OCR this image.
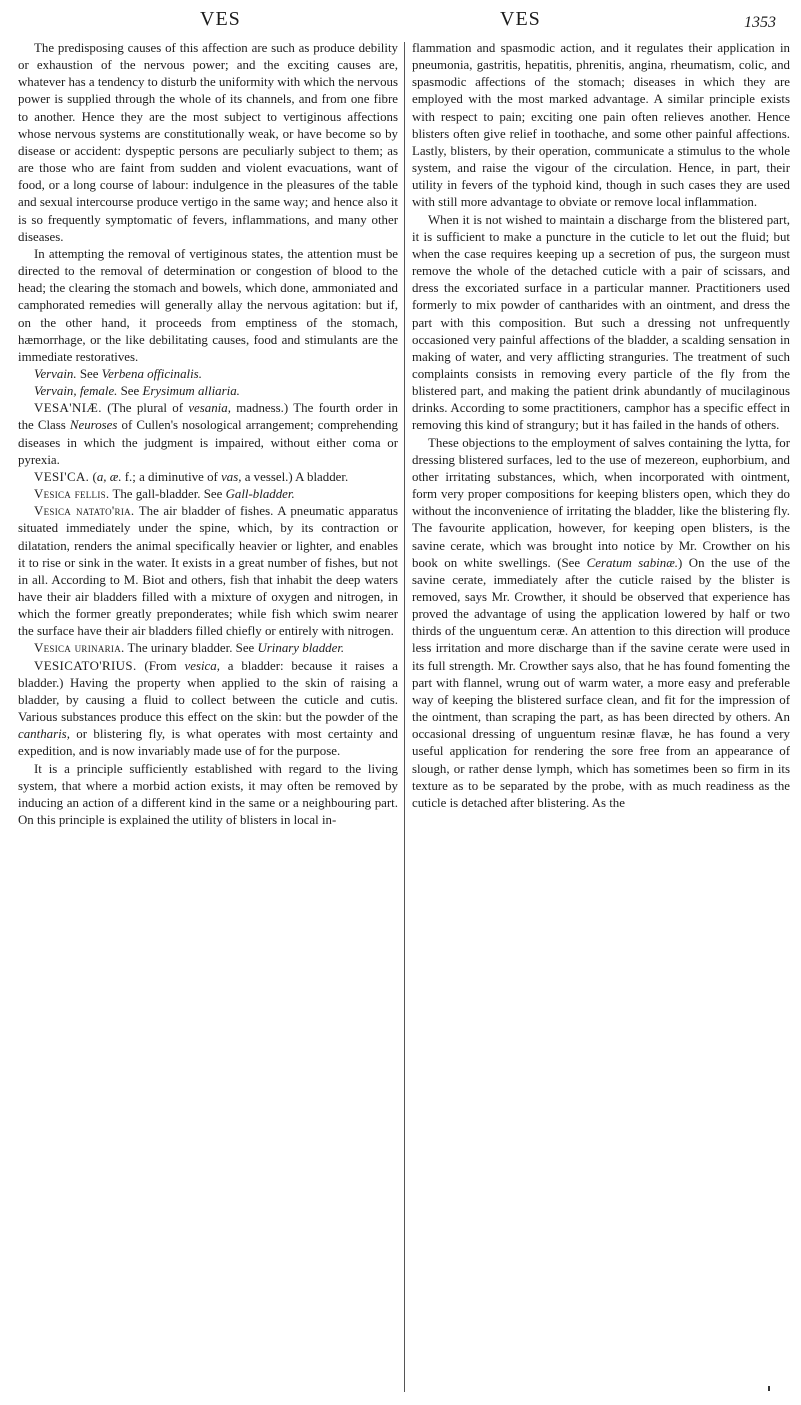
VES	VES	1353

The predisposing causes of this affection are such as produce debility or exhaustion of the nervous power; and the exciting causes are, whatever has a tendency to disturb the uniformity with which the nervous power is supplied through the whole of its channels, and from one fibre to another. Hence they are the most subject to vertiginous affections whose nervous systems are constitutionally weak, or have become so by disease or accident: dyspeptic persons are peculiarly subject to them; as are those who are faint from sudden and violent evacuations, want of food, or a long course of labour: indulgence in the pleasures of the table and sexual intercourse produce vertigo in the same way; and hence also it is so frequently symptomatic of fevers, inflammations, and many other diseases.

In attempting the removal of vertiginous states, the attention must be directed to the removal of determination or congestion of blood to the head; the clearing the stomach and bowels, which done, ammoniated and camphorated remedies will generally allay the nervous agitation: but if, on the other hand, it proceeds from emptiness of the stomach, hæmorrhage, or the like debilitating causes, food and stimulants are the immediate restoratives.

Vervain. See Verbena officinalis.

Vervain, female. See Erysimum alliaria.

VESA'NIÆ. (The plural of vesania, madness.) The fourth order in the Class Neuroses of Cullen's nosological arrangement; comprehending diseases in which the judgment is impaired, without either coma or pyrexia.

VESI'CA. (a, æ. f.; a diminutive of vas, a vessel.) A bladder.

Vesica fellis. The gall-bladder. See Gall-bladder.

Vesica natato'ria. The air bladder of fishes. A pneumatic apparatus situated immediately under the spine, which, by its contraction or dilatation, renders the animal specifically heavier or lighter, and enables it to rise or sink in the water. It exists in a great number of fishes, but not in all. According to M. Biot and others, fish that inhabit the deep waters have their air bladders filled with a mixture of oxygen and nitrogen, in which the former greatly preponderates; while fish which swim nearer the surface have their air bladders filled chiefly or entirely with nitrogen.

Vesica urinaria. The urinary bladder. See Urinary bladder.

VESICATO'RIUS. (From vesica, a bladder: because it raises a bladder.) Having the property when applied to the skin of raising a bladder, by causing a fluid to collect between the cuticle and cutis. Various substances produce this effect on the skin: but the powder of the cantharis, or blistering fly, is what operates with most certainty and expedition, and is now invariably made use of for the purpose.

It is a principle sufficiently established with regard to the living system, that where a morbid action exists, it may often be removed by inducing an action of a different kind in the same or a neighbouring part. On this principle is explained the utility of blisters in local in-

flammation and spasmodic action, and it regulates their application in pneumonia, gastritis, hepatitis, phrenitis, angina, rheumatism, colic, and spasmodic affections of the stomach; diseases in which they are employed with the most marked advantage. A similar principle exists with respect to pain; exciting one pain often relieves another. Hence blisters often give relief in toothache, and some other painful affections. Lastly, blisters, by their operation, communicate a stimulus to the whole system, and raise the vigour of the circulation. Hence, in part, their utility in fevers of the typhoid kind, though in such cases they are used with still more advantage to obviate or remove local inflammation.

When it is not wished to maintain a discharge from the blistered part, it is sufficient to make a puncture in the cuticle to let out the fluid; but when the case requires keeping up a secretion of pus, the surgeon must remove the whole of the detached cuticle with a pair of scissars, and dress the excoriated surface in a particular manner. Practitioners used formerly to mix powder of cantharides with an ointment, and dress the part with this composition. But such a dressing not unfrequently occasioned very painful affections of the bladder, a scalding sensation in making of water, and very afflicting stranguries. The treatment of such complaints consists in removing every particle of the fly from the blistered part, and making the patient drink abundantly of mucilaginous drinks. According to some practitioners, camphor has a specific effect in removing this kind of strangury; but it has failed in the hands of others.

These objections to the employment of salves containing the lytta, for dressing blistered surfaces, led to the use of mezereon, euphorbium, and other irritating substances, which, when incorporated with ointment, form very proper compositions for keeping blisters open, which they do without the inconvenience of irritating the bladder, like the blistering fly. The favourite application, however, for keeping open blisters, is the savine cerate, which was brought into notice by Mr. Crowther on his book on white swellings. (See Ceratum sabinæ.) On the use of the savine cerate, immediately after the cuticle raised by the blister is removed, says Mr. Crowther, it should be observed that experience has proved the advantage of using the application lowered by half or two thirds of the unguentum ceræ. An attention to this direction will produce less irritation and more discharge than if the savine cerate were used in its full strength. Mr. Crowther says also, that he has found fomenting the part with flannel, wrung out of warm water, a more easy and preferable way of keeping the blistered surface clean, and fit for the impression of the ointment, than scraping the part, as has been directed by others. An occasional dressing of unguentum resinæ flavæ, he has found a very useful application for rendering the sore free from an appearance of slough, or rather dense lymph, which has sometimes been so firm in its texture as to be separated by the probe, with as much readiness as the cuticle is detached after blistering. As the
